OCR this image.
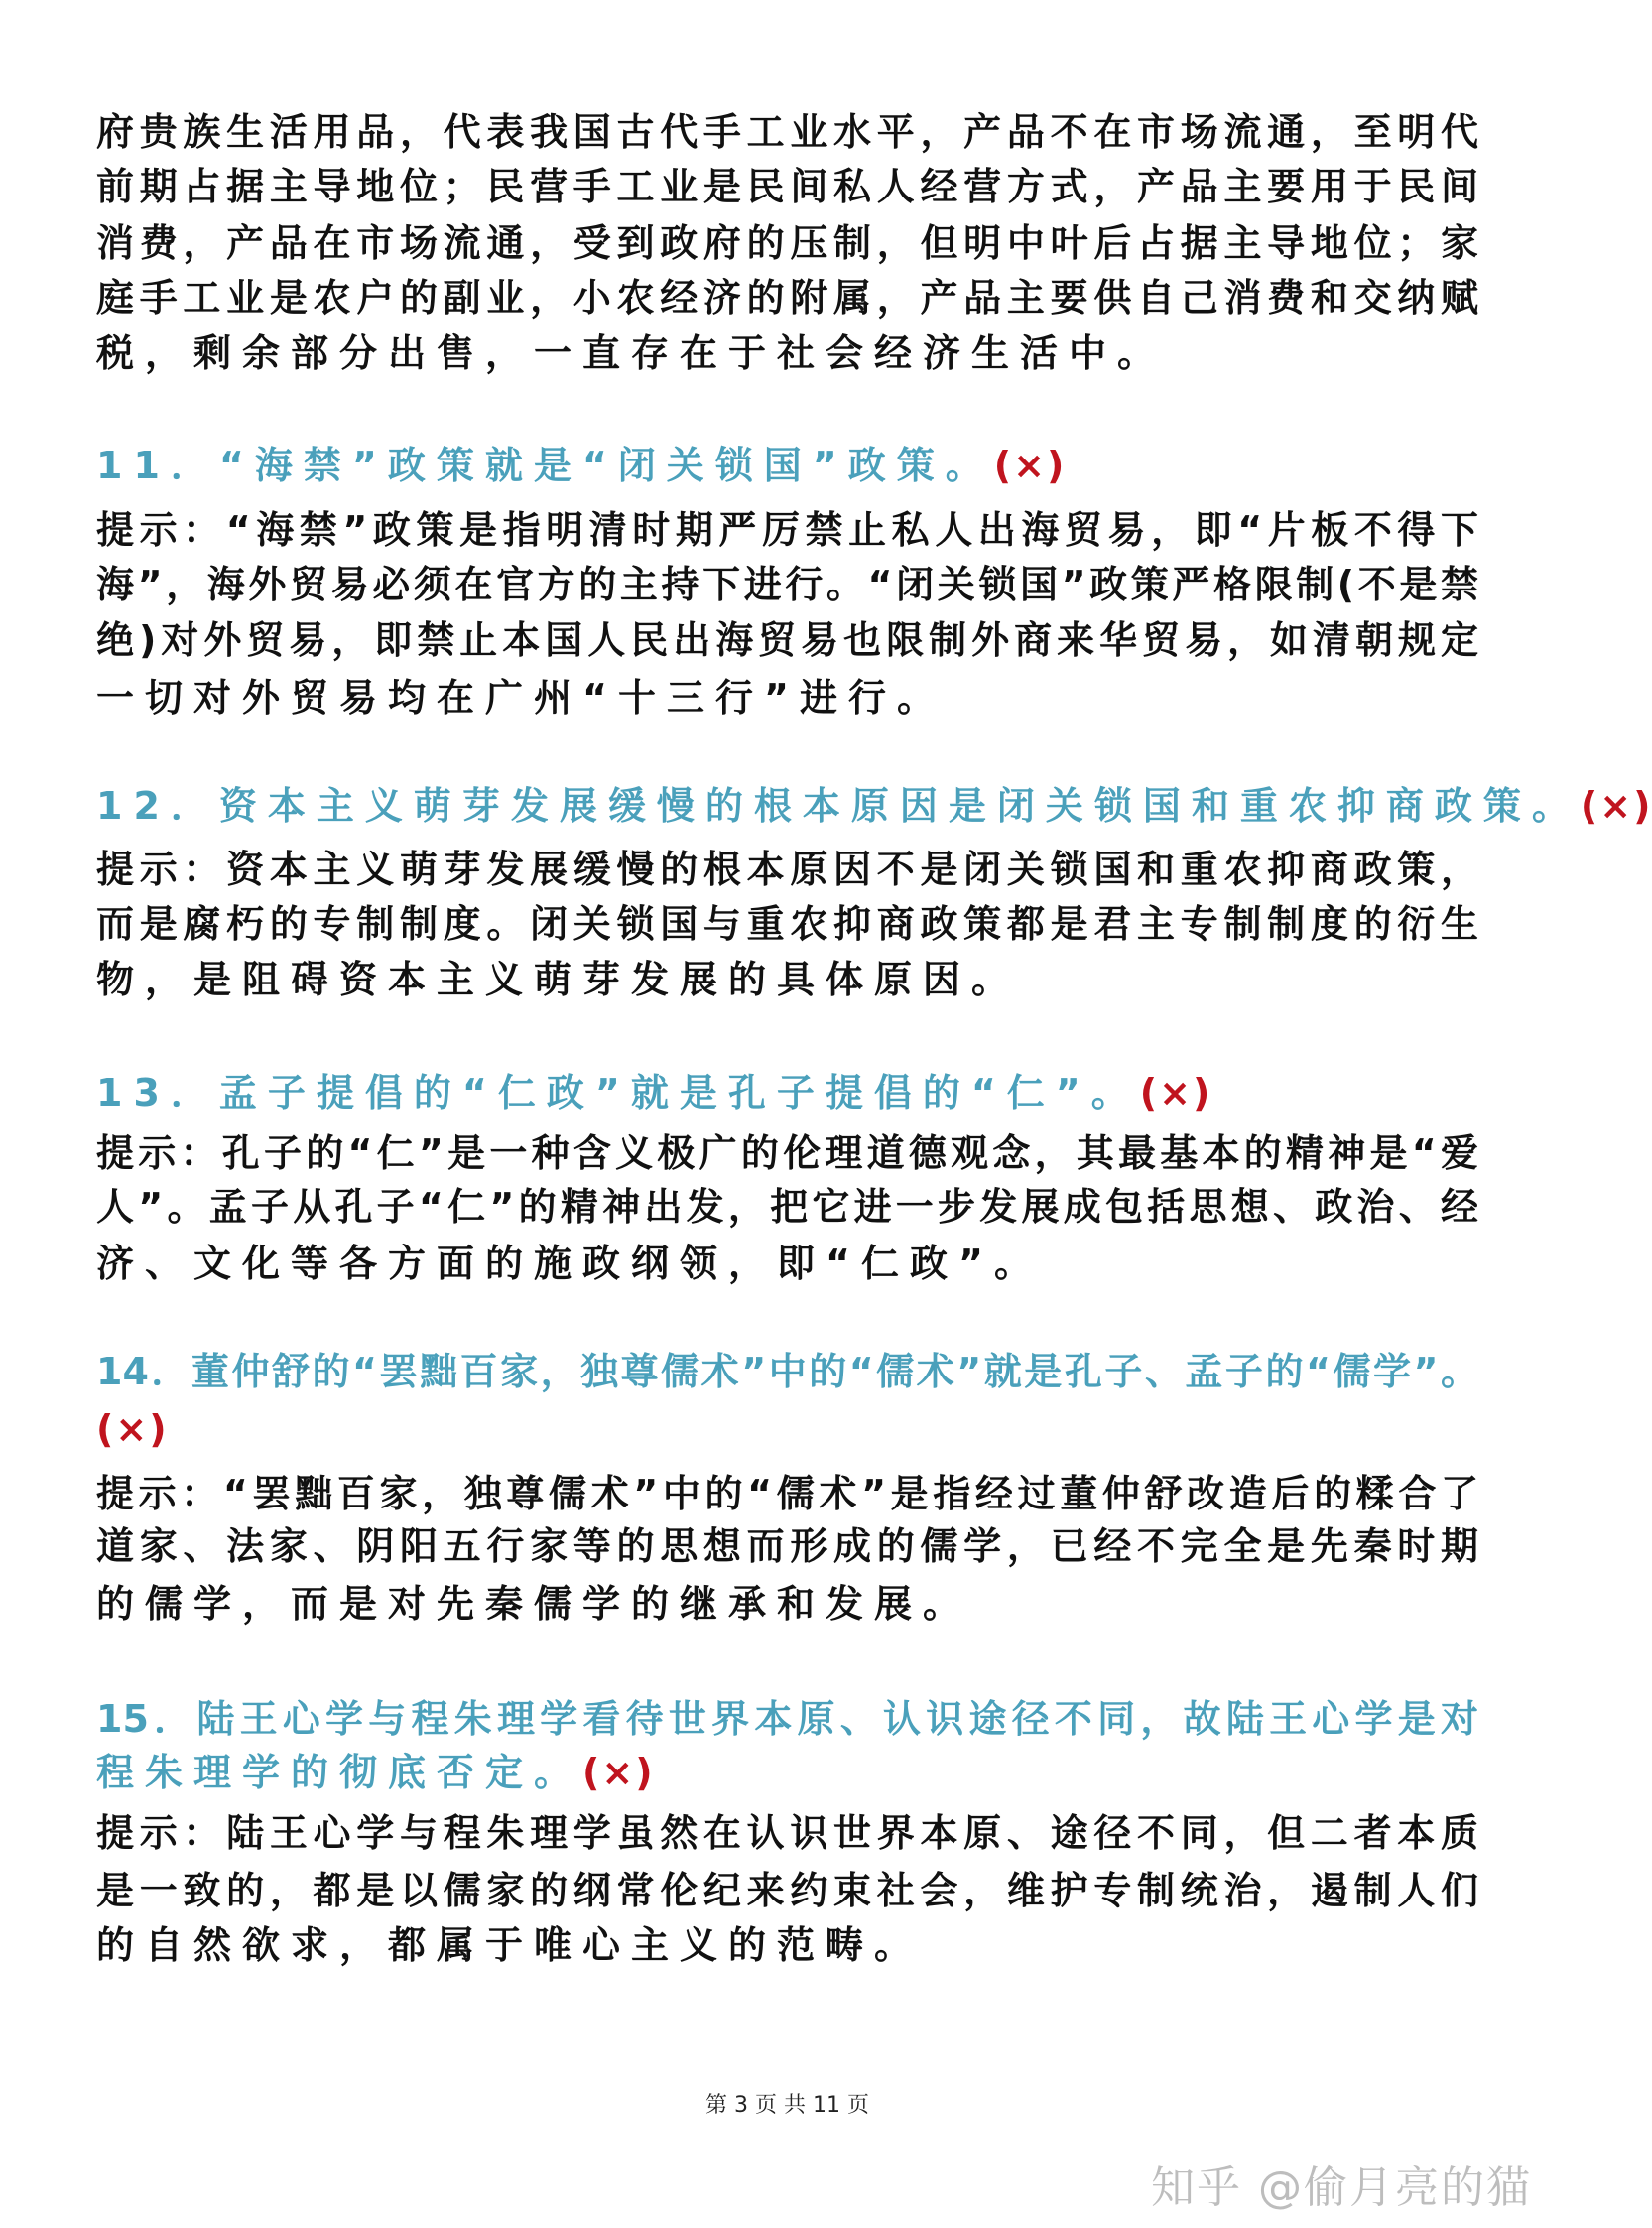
府贵族生活用品，代表我国古代手工业水平，产品不在市场流通，至明代
前期占据主导地位；民营手工业是民间私人经营方式，产品主要用于民间
消费，产品在市场流通，受到政府的压制，但明中叶后占据主导地位；家
庭手工业是农户的副业，小农经济的附属，产品主要供自己消费和交纳赋
税，剩余部分出售，一直存在于社会经济生活中。
11．“海禁”政策就是“闭关锁国”政策。(×)
提示：“海禁”政策是指明清时期严厉禁止私人出海贸易，即“片板不得下
海”，海外贸易必须在官方的主持下进行。“闭关锁国”政策严格限制(不是禁
绝)对外贸易，即禁止本国人民出海贸易也限制外商来华贸易，如清朝规定
一切对外贸易均在广州“十三行”进行。
12．资本主义萌芽发展缓慢的根本原因是闭关锁国和重农抑商政策。(×)
提示：资本主义萌芽发展缓慢的根本原因不是闭关锁国和重农抑商政策，
而是腐朽的专制制度。闭关锁国与重农抑商政策都是君主专制制度的衍生
物，是阻碍资本主义萌芽发展的具体原因。
13．孟子提倡的“仁政”就是孔子提倡的“仁”。(×)
提示：孔子的“仁”是一种含义极广的伦理道德观念，其最基本的精神是“爱
人”。孟子从孔子“仁”的精神出发，把它进一步发展成包括思想、政治、经
济、文化等各方面的施政纲领，即“仁政”。
14．董仲舒的“罢黜百家，独尊儒术”中的“儒术”就是孔子、孟子的“儒学”。
(×)
提示：“罢黜百家，独尊儒术”中的“儒术”是指经过董仲舒改造后的糅合了
道家、法家、阴阳五行家等的思想而形成的儒学，已经不完全是先秦时期
的儒学，而是对先秦儒学的继承和发展。
15．陆王心学与程朱理学看待世界本原、认识途径不同，故陆王心学是对
程朱理学的彻底否定。(×)
提示：陆王心学与程朱理学虽然在认识世界本原、途径不同，但二者本质
是一致的，都是以儒家的纲常伦纪来约束社会，维护专制统治，遏制人们
的自然欲求，都属于唯心主义的范畴。
第 3 页 共 11 页
知乎 @偷月亮的猫
